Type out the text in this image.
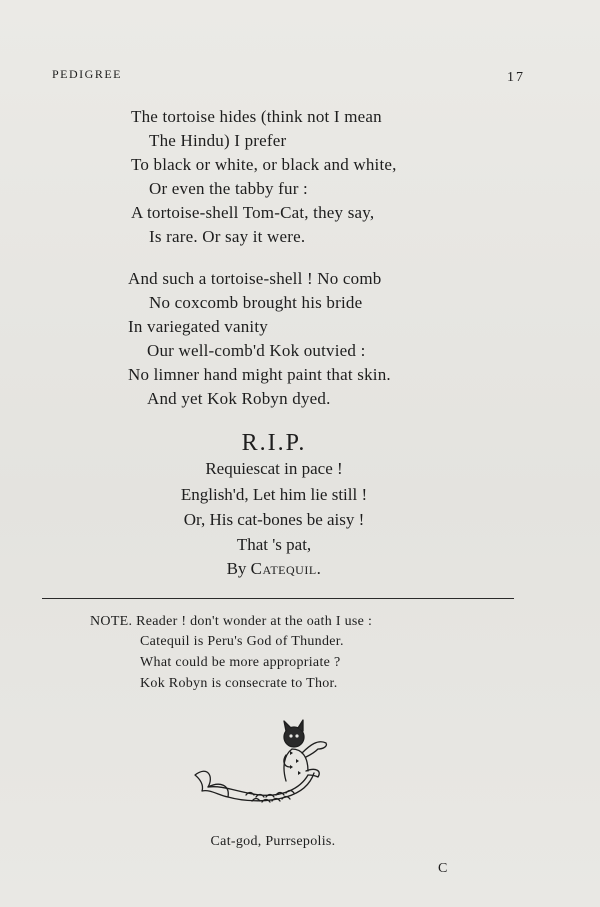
PEDIGREE	17
The tortoise hides (think not I mean
The Hindu) I prefer
To black or white, or black and white,
Or even the tabby fur :
A tortoise-shell Tom-Cat, they say,
Is rare. Or say it were.
And such a tortoise-shell ! No comb
No coxcomb brought his bride
In variegated vanity
Our well-comb'd Kok outvied :
No limner hand might paint that skin.
And yet Kok Robyn dyed.
R.I.P.
Requiescat in pace !
English'd, Let him lie still !
Or, His cat-bones be aisy !
That 's pat,
By Catequil.
NOTE. Reader ! don't wonder at the oath I use :
Catequil is Peru's God of Thunder.
What could be more appropriate ?
Kok Robyn is consecrate to Thor.
Cat-god, Purrsepolis.
C
